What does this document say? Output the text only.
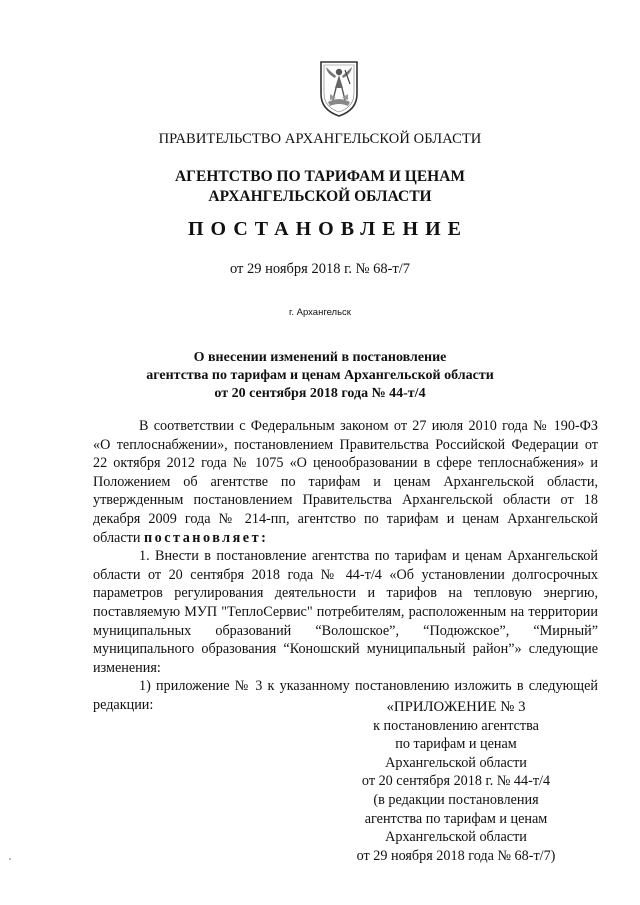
ПРАВИТЕЛЬСТВО АРХАНГЕЛЬСКОЙ ОБЛАСТИ
АГЕНТСТВО ПО ТАРИФАМ И ЦЕНАМ
АРХАНГЕЛЬСКОЙ ОБЛАСТИ
ПОСТАНОВЛЕНИЕ
от 29 ноября 2018 г. № 68-т/7
г. Архангельск
О внесении изменений в постановление
агентства по тарифам и ценам Архангельской области
от 20 сентября 2018 года № 44-т/4

В соответствии с Федеральным законом от 27 июля 2010 года № 190-ФЗ «О теплоснабжении», постановлением Правительства Российской Федерации от 22 октября 2012 года № 1075 «О ценообразовании в сфере теплоснабжения» и Положением об агентстве по тарифам и ценам Архангельской области, утвержденным постановлением Правительства Архангельской области от 18 декабря 2009 года № 214-пп, агентство по тарифам и ценам Архангельской области постановляет:

1. Внести в постановление агентства по тарифам и ценам Архангельской области от 20 сентября 2018 года № 44-т/4 «Об установлении долгосрочных параметров регулирования деятельности и тарифов на тепловую энергию, поставляемую МУП "ТеплоСервис" потребителям, расположенным на территории муниципальных образований “Волошское”, “Подюжское”, “Мирный” муниципального образования “Коношский муниципальный район”» следующие изменения:

1) приложение № 3 к указанному постановлению изложить в следующей редакции:	«ПРИЛОЖЕНИЕ № 3
к постановлению агентства
по тарифам и ценам
Архангельской области
от 20 сентября 2018 г. № 44-т/4
(в редакции постановления
агентства по тарифам и ценам
Архангельской области
от 29 ноября 2018 года № 68-т/7)
